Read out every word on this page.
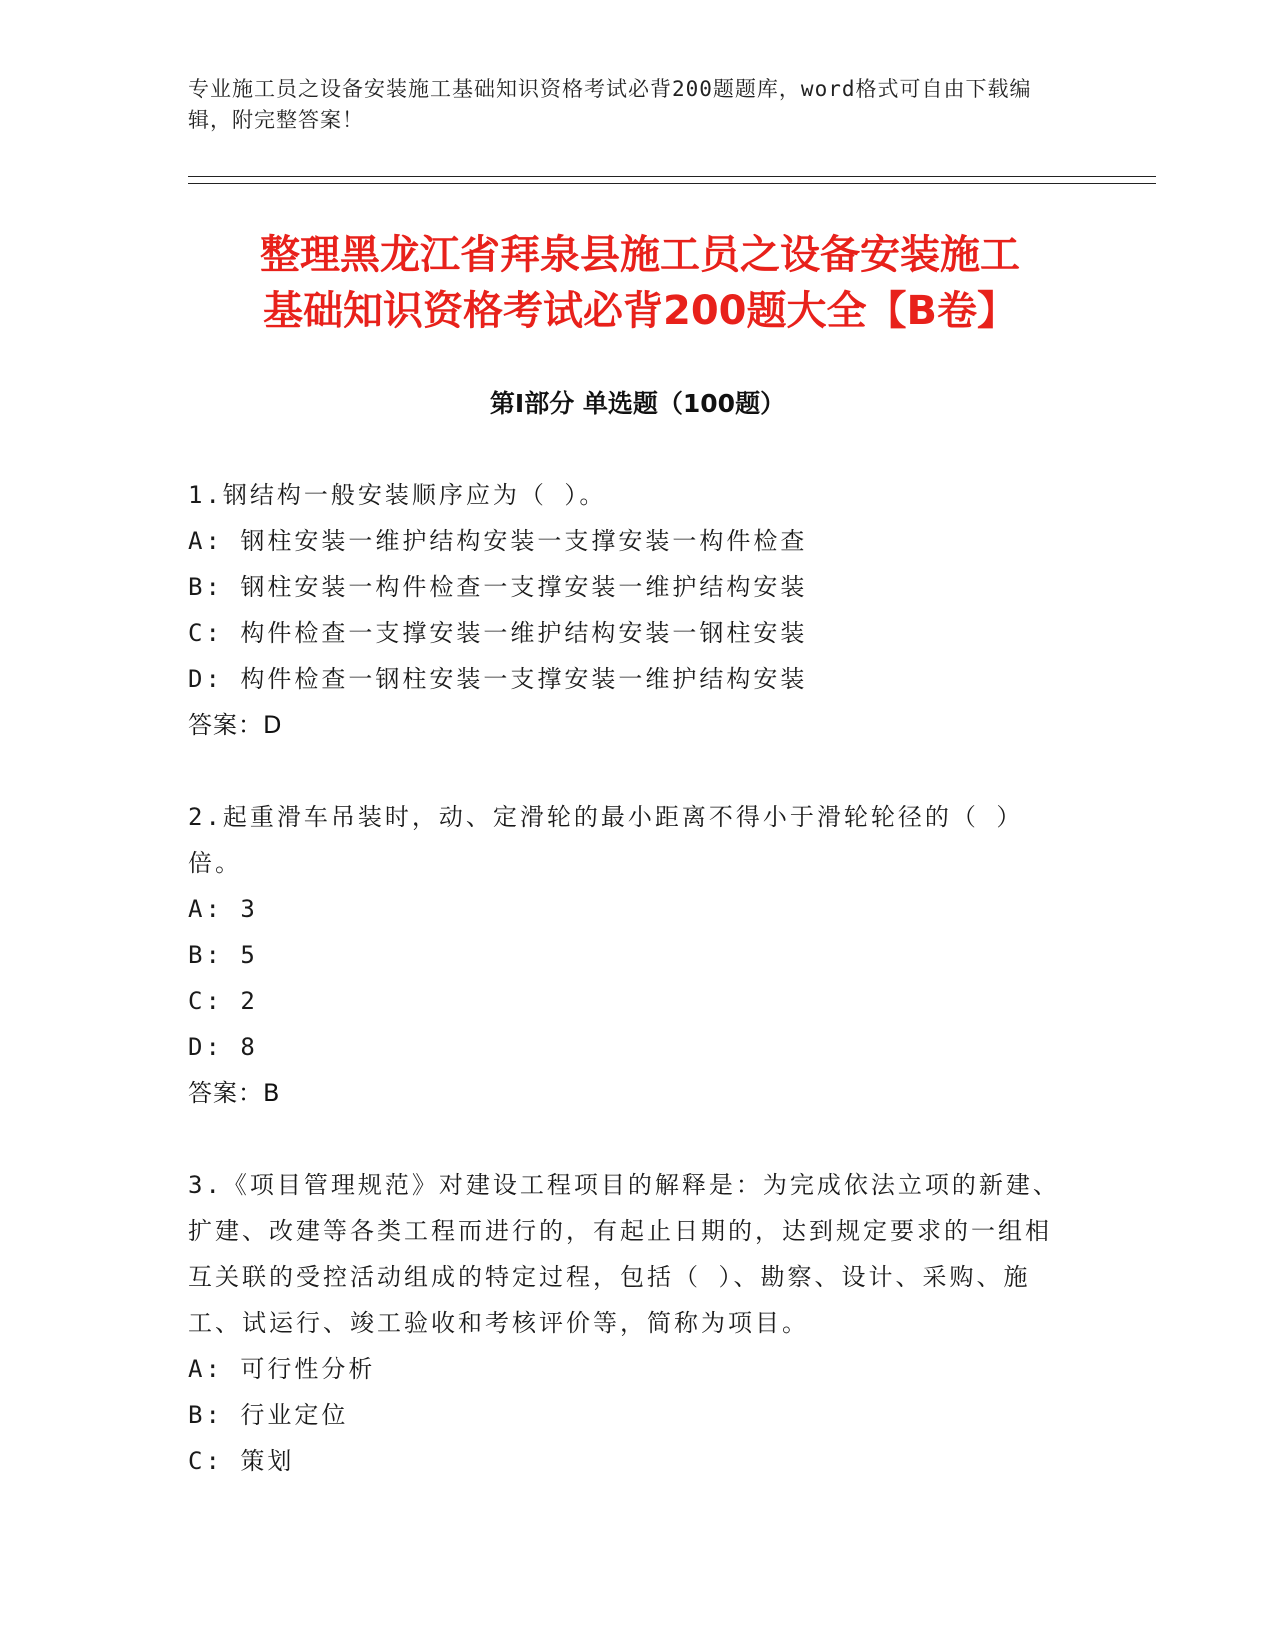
专业施工员之设备安装施工基础知识资格考试必背200题题库，word格式可自由下载编辑，附完整答案！
整理黑龙江省拜泉县施工员之设备安装施工
基础知识资格考试必背200题大全【B卷】
第I部分 单选题（100题）
1.钢结构一般安装顺序应为（ ）。
A: 钢柱安装一维护结构安装一支撑安装一构件检查
B: 钢柱安装一构件检查一支撑安装一维护结构安装
C: 构件检查一支撑安装一维护结构安装一钢柱安装
D: 构件检查一钢柱安装一支撑安装一维护结构安装
答案：D
2.起重滑车吊装时，动、定滑轮的最小距离不得小于滑轮轮径的（ ）倍。
A: 3
B: 5
C: 2
D: 8
答案：B
3.《项目管理规范》对建设工程项目的解释是：为完成依法立项的新建、扩建、改建等各类工程而进行的，有起止日期的，达到规定要求的一组相互关联的受控活动组成的特定过程，包括（ ）、勘察、设计、采购、施工、试运行、竣工验收和考核评价等，简称为项目。
A: 可行性分析
B: 行业定位
C: 策划
